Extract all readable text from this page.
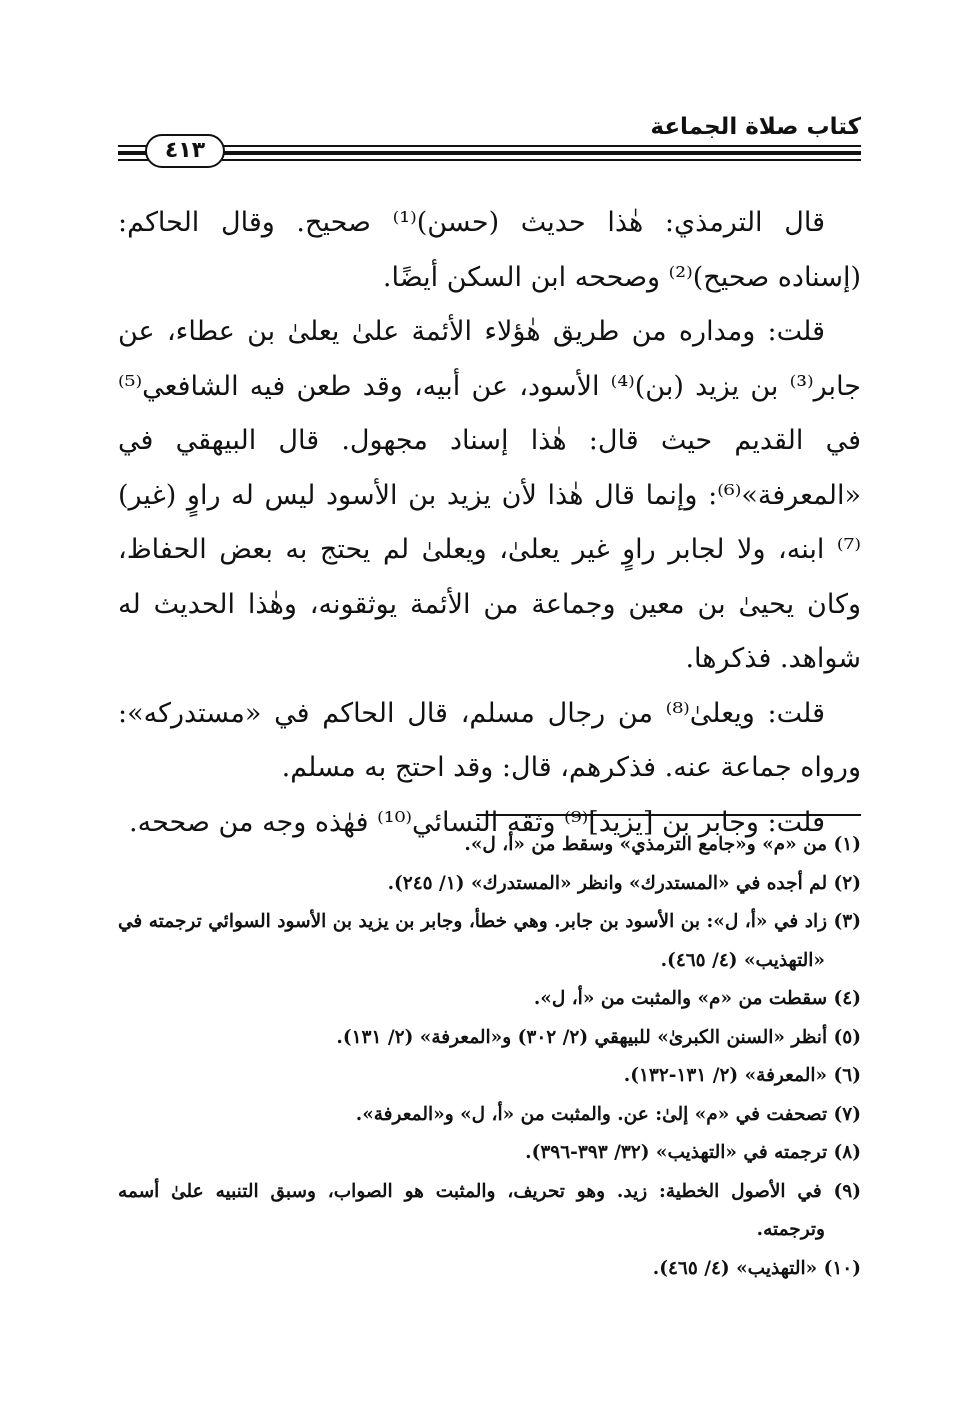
كتاب صلاة الجماعة
٤١٣

قال الترمذي: هٰذا حديث (حسن)⁽¹⁾ صحيح. وقال الحاكم: (إسناده صحيح)⁽²⁾ وصححه ابن السكن أيضًا.

قلت: ومداره من طريق هٰؤلاء الأئمة علىٰ يعلىٰ بن عطاء، عن جابر⁽³⁾ بن يزيد (بن)⁽⁴⁾ الأسود، عن أبيه، وقد طعن فيه الشافعي⁽⁵⁾ في القديم حيث قال: هٰذا إسناد مجهول. قال البيهقي في «المعرفة»⁽⁶⁾: وإنما قال هٰذا لأن يزيد بن الأسود ليس له راوٍ (غير)⁽⁷⁾ ابنه، ولا لجابر راوٍ غير يعلىٰ، ويعلىٰ لم يحتج به بعض الحفاظ، وكان يحيىٰ بن معين وجماعة من الأئمة يوثقونه، وهٰذا الحديث له شواهد. فذكرها.

قلت: ويعلىٰ⁽⁸⁾ من رجال مسلم، قال الحاكم في «مستدركه»: ورواه جماعة عنه. فذكرهم، قال: وقد احتج به مسلم.

قلت: وجابر بن [يزيد]⁽⁹⁾ وثقه النسائي⁽¹⁰⁾ فهٰذه وجه من صححه.

(١) من «م» و«جامع الترمذي» وسقط من «أ، ل».

(٢) لم أجده في «المستدرك» وانظر «المستدرك» (١/ ٢٤٥).

(٣) زاد في «أ، ل»: بن الأسود بن جابر. وهي خطأ، وجابر بن يزيد بن الأسود السوائي ترجمته في «التهذيب» (٤/ ٤٦٥).

(٤) سقطت من «م» والمثبت من «أ، ل».

(٥) أنظر «السنن الكبرىٰ» للبيهقي (٢/ ٣٠٢) و«المعرفة» (٢/ ١٣١).

(٦) «المعرفة» (٢/ ١٣١-١٣٢).

(٧) تصحفت في «م» إلىٰ: عن. والمثبت من «أ، ل» و«المعرفة».

(٨) ترجمته في «التهذيب» (٣٢/ ٣٩٣-٣٩٦).

(٩) في الأصول الخطية: زيد. وهو تحريف، والمثبت هو الصواب، وسبق التنبيه علىٰ أسمه وترجمته.

(١٠) «التهذيب» (٤/ ٤٦٥).
